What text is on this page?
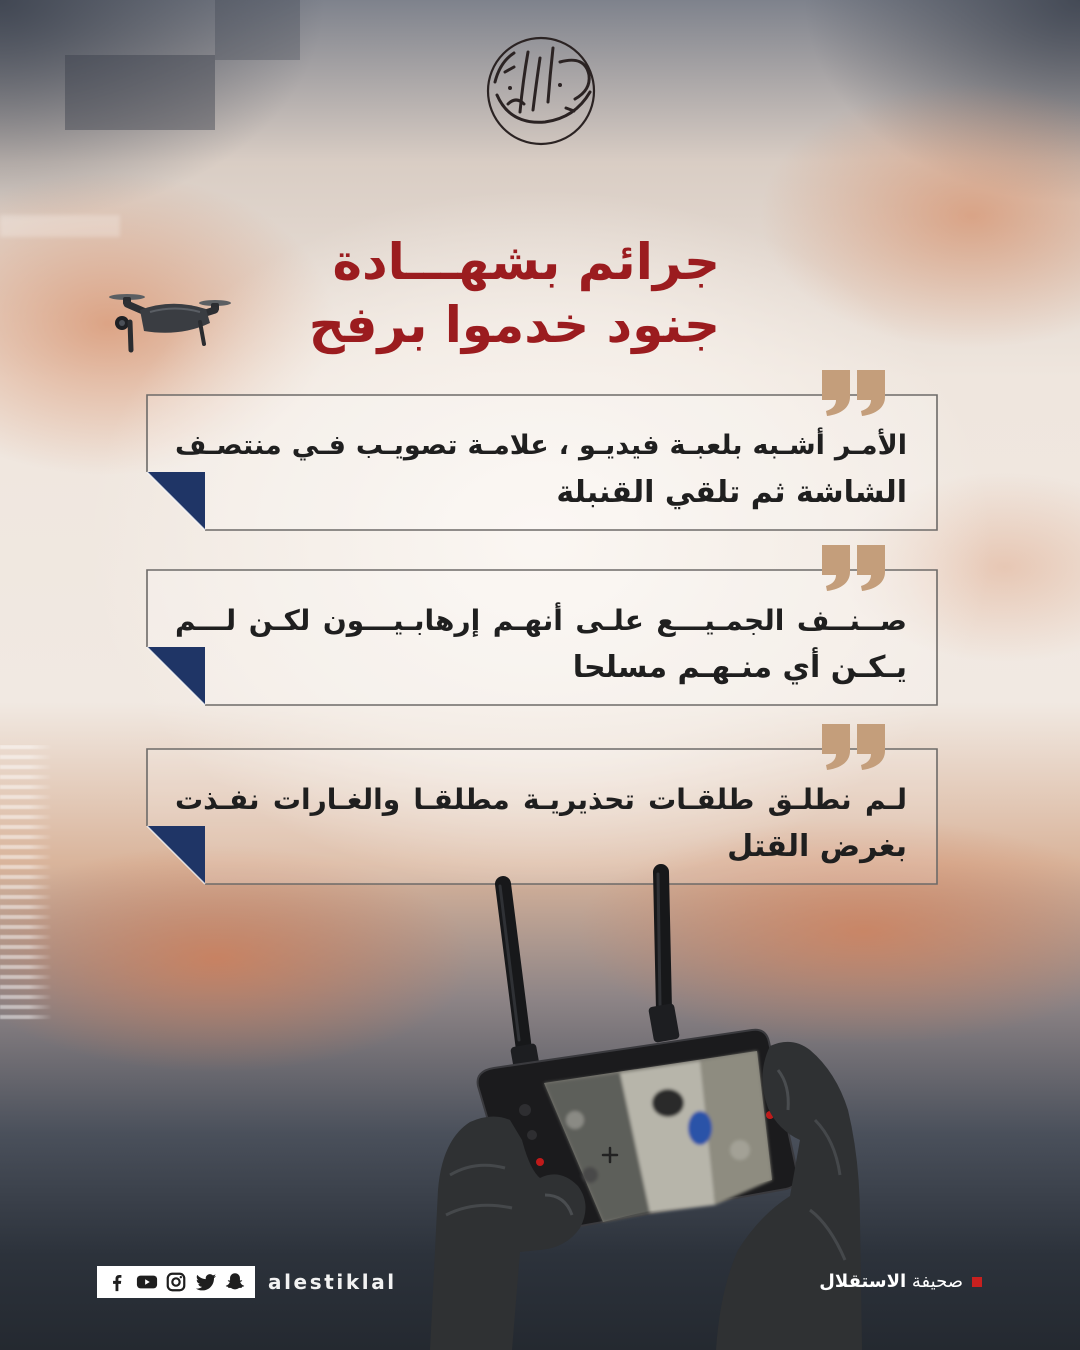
جرائم بشهـــادة
جنود خدموا برفح
الأمـر أشـبه بلعبـة فيديـو ، علامـة تصويـب فـي منتصـف
الشاشة ثم تلقي القنبلة
صــنــف الجمـيـــع علـى أنهـم إرهابـيـــون لكـن لـــم
يـكـن أي منـهـم مسلحا
لـم نطلـق طلقـات تحذيريـة مطلقـا والغـارات نفـذت
بغرض القتل
alestiklal	صحيفة الاستقلال
